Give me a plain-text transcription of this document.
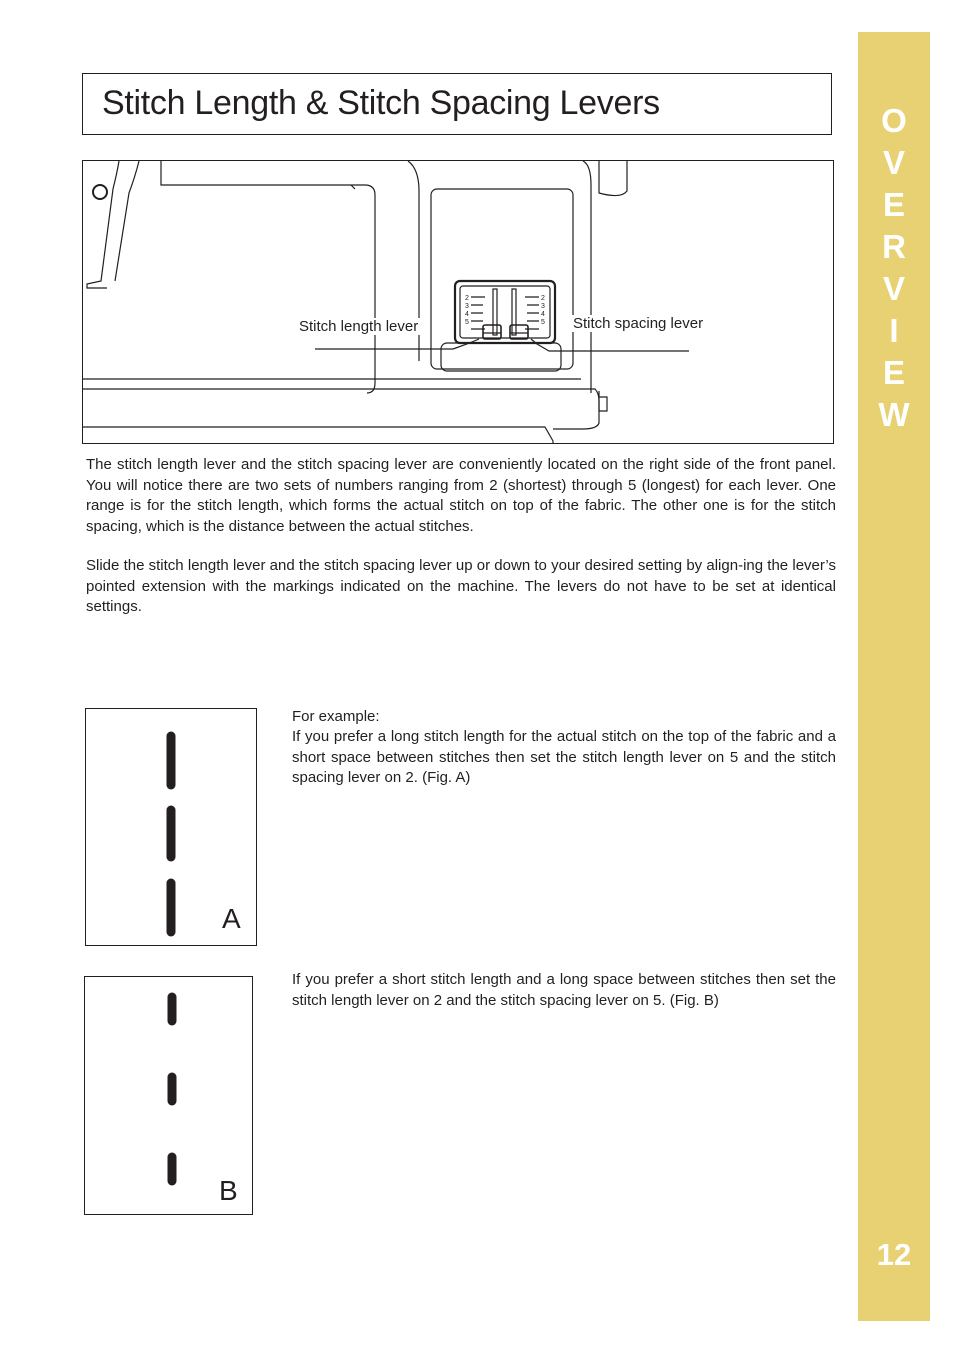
Stitch Length & Stitch Spacing Levers	O
V
E
R
V
I
E
W
12
2
3
4
5
2
3
4
5
Stitch length lever	Stitch spacing lever

The stitch length lever and the stitch spacing lever are conveniently located on the right side of the front panel. You will notice there are two sets of numbers ranging from 2 (shortest) through 5 (longest) for each lever. One range is for the stitch length, which forms the actual stitch on top of the fabric. The other one is for the stitch spacing, which is the distance between the actual stitches.

Slide the stitch length lever and the stitch spacing lever up or down to your desired setting by align-ing the lever’s pointed extension with the markings indicated on the machine. The levers do not have to be set at identical settings.

A

For example:

If you prefer a long stitch length for the actual stitch on the top of the fabric and a short space between stitches then set the stitch length lever on 5 and the stitch spacing lever on 2. (Fig. A)

B

If you prefer a short stitch length and a long space between stitches then set the stitch length lever on 2 and the stitch spacing lever on 5. (Fig. B)
